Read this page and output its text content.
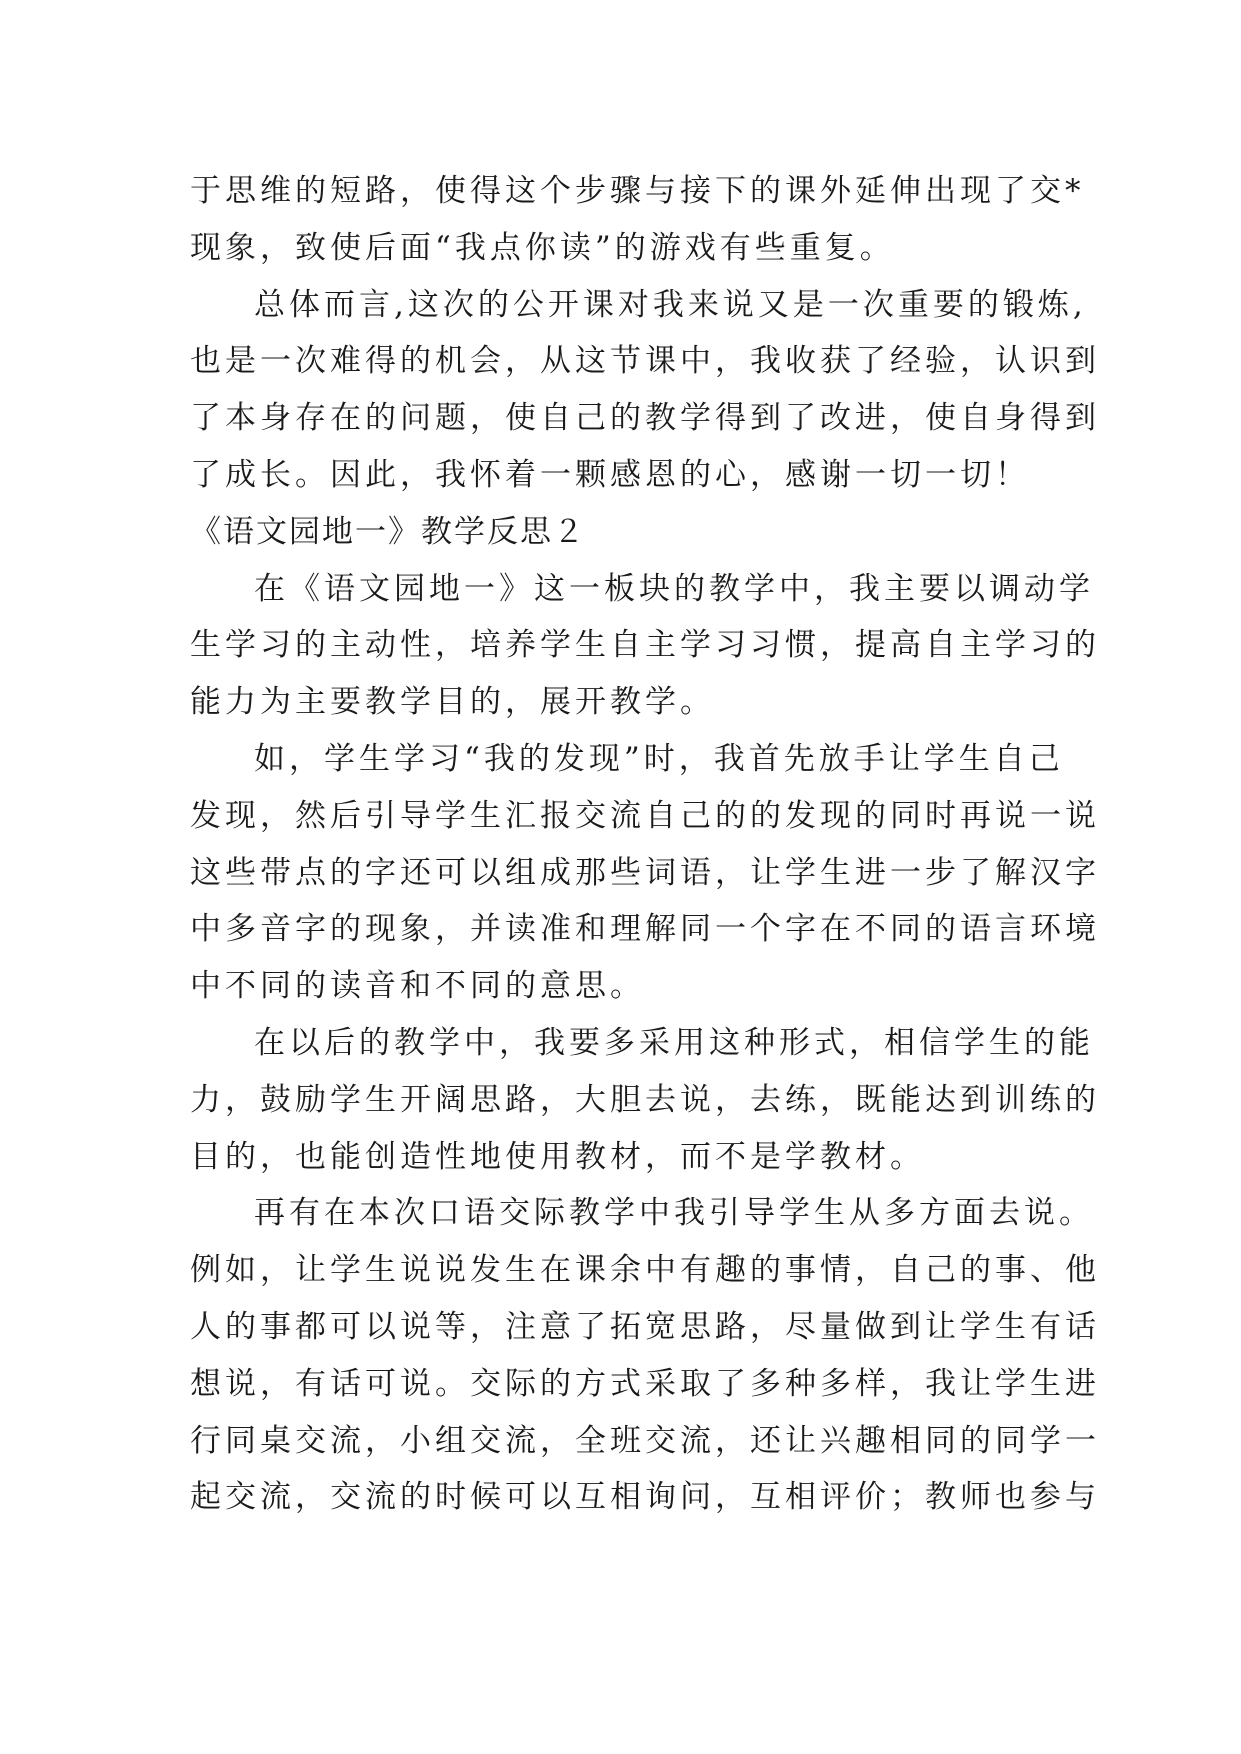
于思维的短路，使得这个步骤与接下的课外延伸出现了交*
现象，致使后面“我点你读”的游戏有些重复。
总体而言,这次的公开课对我来说又是一次重要的锻炼,
也是一次难得的机会，从这节课中，我收获了经验，认识到
了本身存在的问题，使自己的教学得到了改进，使自身得到
了成长。因此，我怀着一颗感恩的心，感谢一切一切！
《语文园地一》教学反思２
在《语文园地一》这一板块的教学中，我主要以调动学
生学习的主动性，培养学生自主学习习惯，提高自主学习的
能力为主要教学目的，展开教学。
如，学生学习“我的发现”时，我首先放手让学生自己
发现，然后引导学生汇报交流自己的的发现的同时再说一说
这些带点的字还可以组成那些词语，让学生进一步了解汉字
中多音字的现象，并读准和理解同一个字在不同的语言环境
中不同的读音和不同的意思。
在以后的教学中，我要多采用这种形式，相信学生的能
力，鼓励学生开阔思路，大胆去说，去练，既能达到训练的
目的，也能创造性地使用教材，而不是学教材。
再有在本次口语交际教学中我引导学生从多方面去说。
例如，让学生说说发生在课余中有趣的事情，自己的事、他
人的事都可以说等，注意了拓宽思路，尽量做到让学生有话
想说，有话可说。交际的方式采取了多种多样，我让学生进
行同桌交流，小组交流，全班交流，还让兴趣相同的同学一
起交流，交流的时候可以互相询问，互相评价；教师也参与
